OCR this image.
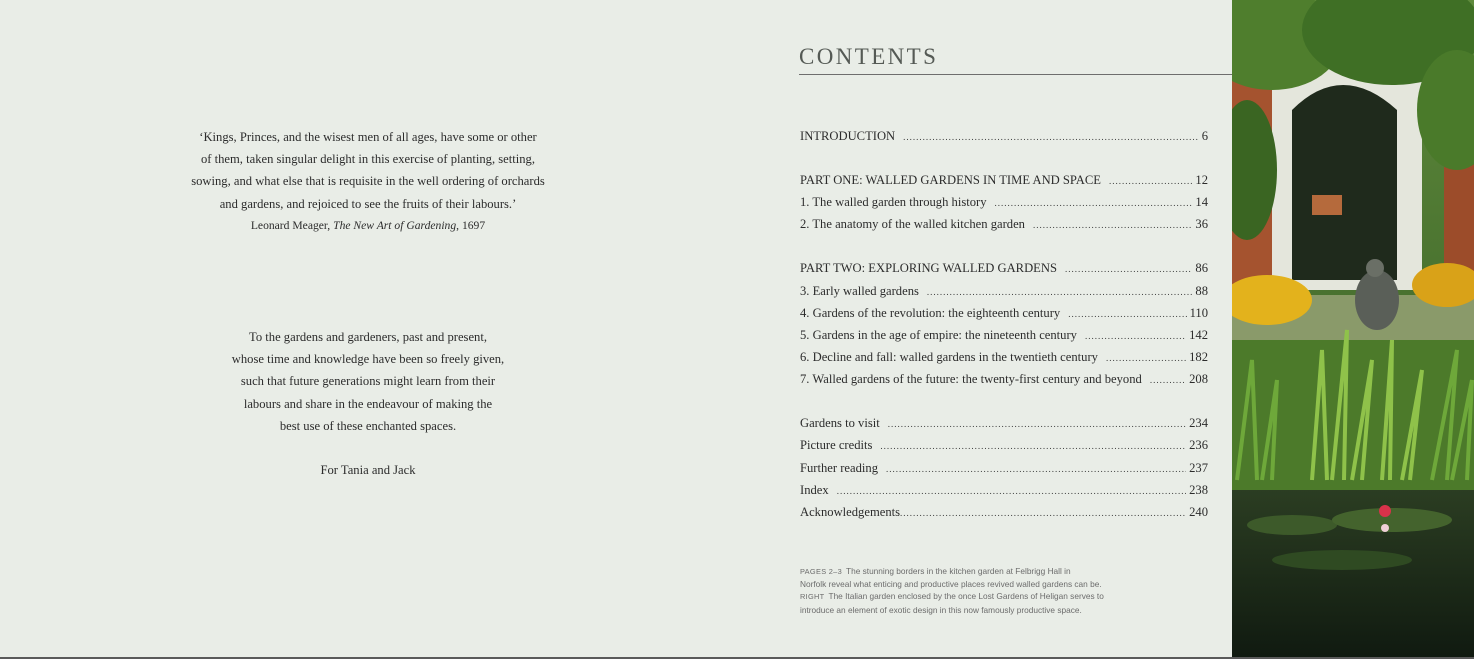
‘Kings, Princes, and the wisest men of all ages, have some or other
of them, taken singular delight in this exercise of planting, setting,
sowing, and what else that is requisite in the well ordering of orchards
and gardens, and rejoiced to see the fruits of their labours.’
Leonard Meager, The New Art of Gardening, 1697
To the gardens and gardeners, past and present,
whose time and knowledge have been so freely given,
such that future generations might learn from their
labours and share in the endeavour of making the
best use of these enchanted spaces.
For Tania and Jack
CONTENTS
INTRODUCTION .....	6
PART ONE: WALLED GARDENS IN TIME AND SPACE .....	12
1. The walled garden through history .....	14
2. The anatomy of the walled kitchen garden .....	36
PART TWO: EXPLORING WALLED GARDENS .....	86
3. Early walled gardens .....	88
4. Gardens of the revolution: the eighteenth century .....	110
5. Gardens in the age of empire: the nineteenth century .....	142
6. Decline and fall: walled gardens in the twentieth century .....	182
7. Walled gardens of the future: the twenty-first century and beyond .....	208
Gardens to visit .....	234
Picture credits .....	236
Further reading .....	237
Index .....	238
Acknowledgements .....	240
PAGES 2–3 The stunning borders in the kitchen garden at Felbrigg Hall in
Norfolk reveal what enticing and productive places revived walled gardens can be.
RIGHT The Italian garden enclosed by the once Lost Gardens of Heligan serves to
introduce an element of exotic design in this now famously productive space.
